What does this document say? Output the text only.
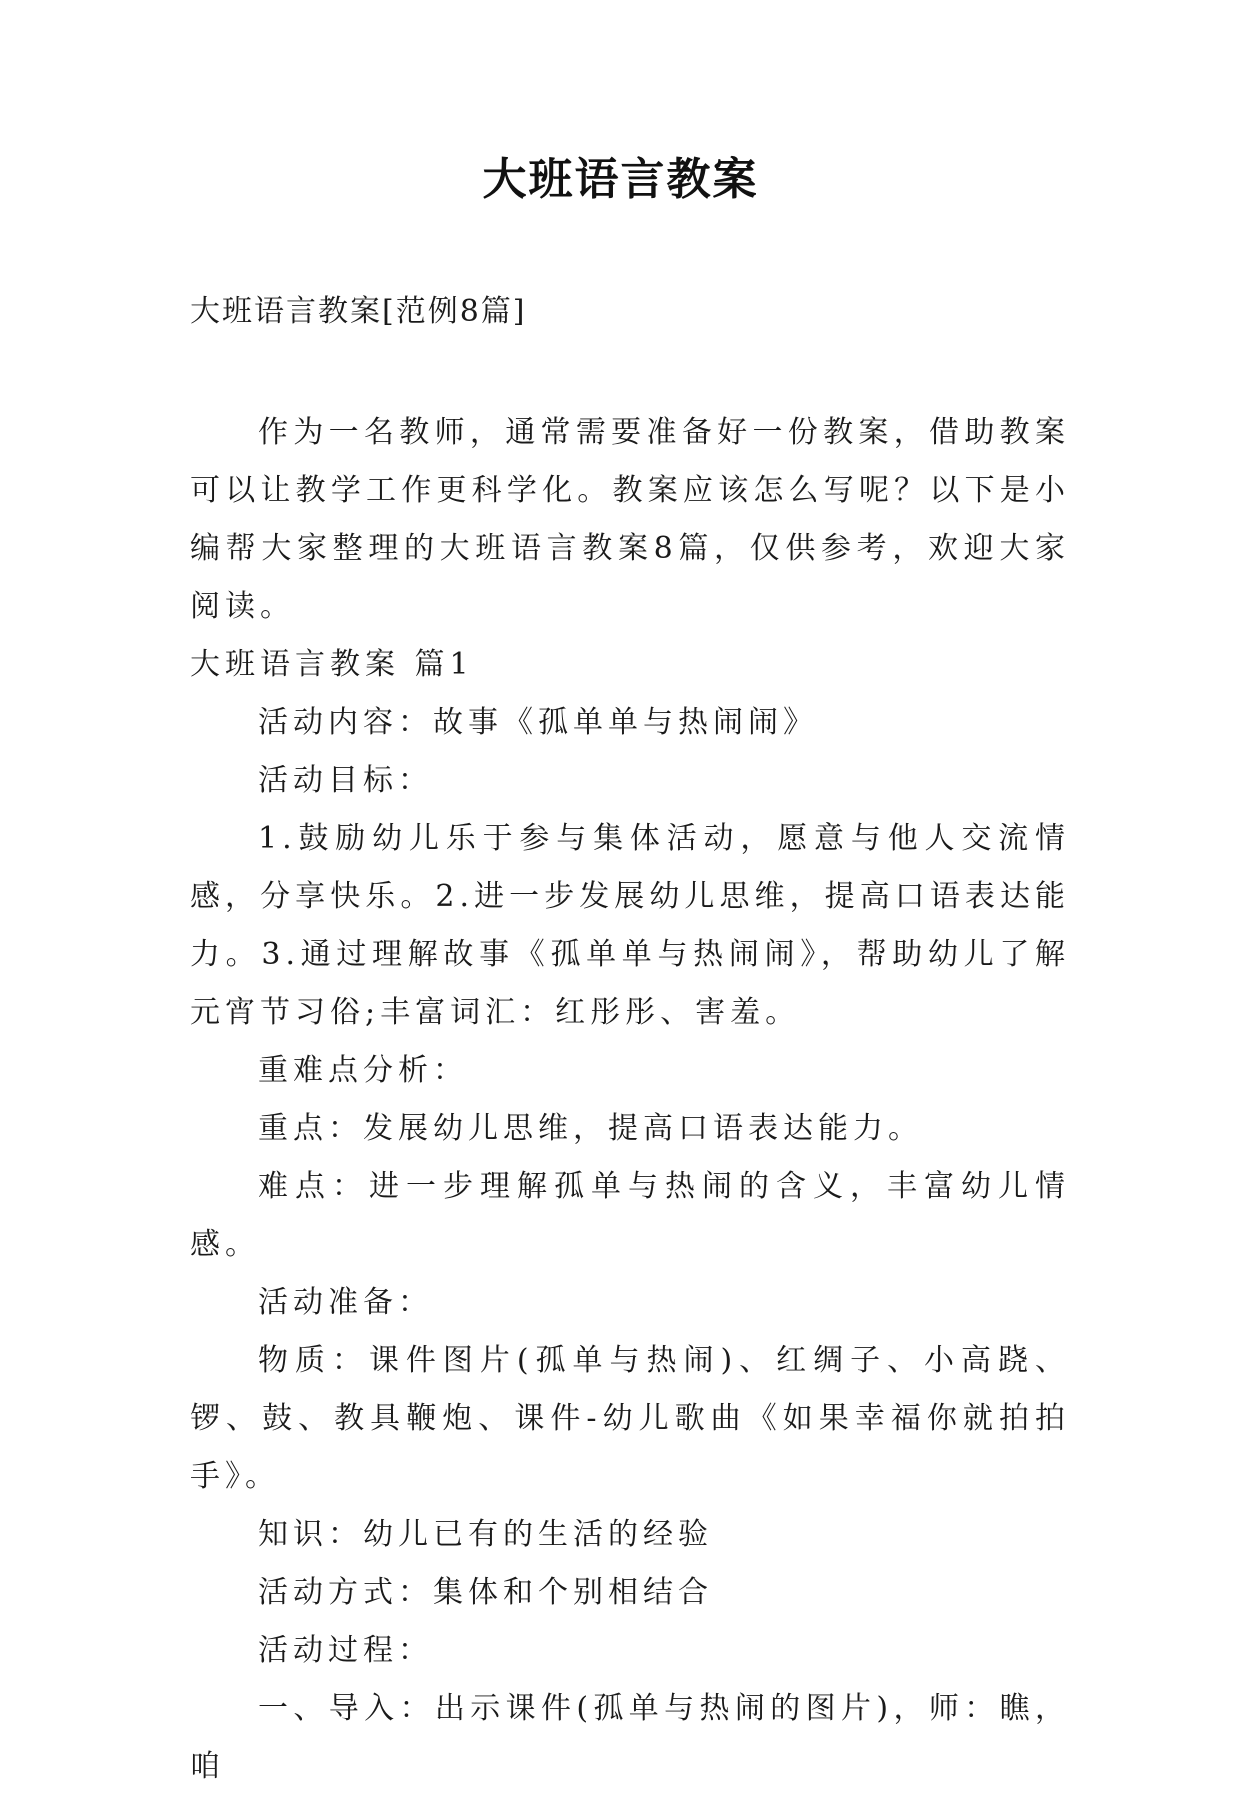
大班语言教案
大班语言教案[范例8篇]

作为一名教师，通常需要准备好一份教案，借助教案可以让教学工作更科学化。教案应该怎么写呢？以下是小编帮大家整理的大班语言教案8篇，仅供参考，欢迎大家阅读。

大班语言教案 篇1

活动内容：故事《孤单单与热闹闹》

活动目标：

1.鼓励幼儿乐于参与集体活动，愿意与他人交流情感，分享快乐。2.进一步发展幼儿思维，提高口语表达能力。3.通过理解故事《孤单单与热闹闹》，帮助幼儿了解元宵节习俗;丰富词汇：红彤彤、害羞。

重难点分析：

重点：发展幼儿思维，提高口语表达能力。

难点：进一步理解孤单与热闹的含义，丰富幼儿情感。

活动准备：

物质：课件图片(孤单与热闹)、红绸子、小高跷、锣、鼓、教具鞭炮、课件-幼儿歌曲《如果幸福你就拍拍手》。

知识：幼儿已有的生活的经验

活动方式：集体和个别相结合

活动过程：

一、导入：出示课件(孤单与热闹的图片)，师：瞧，咱
